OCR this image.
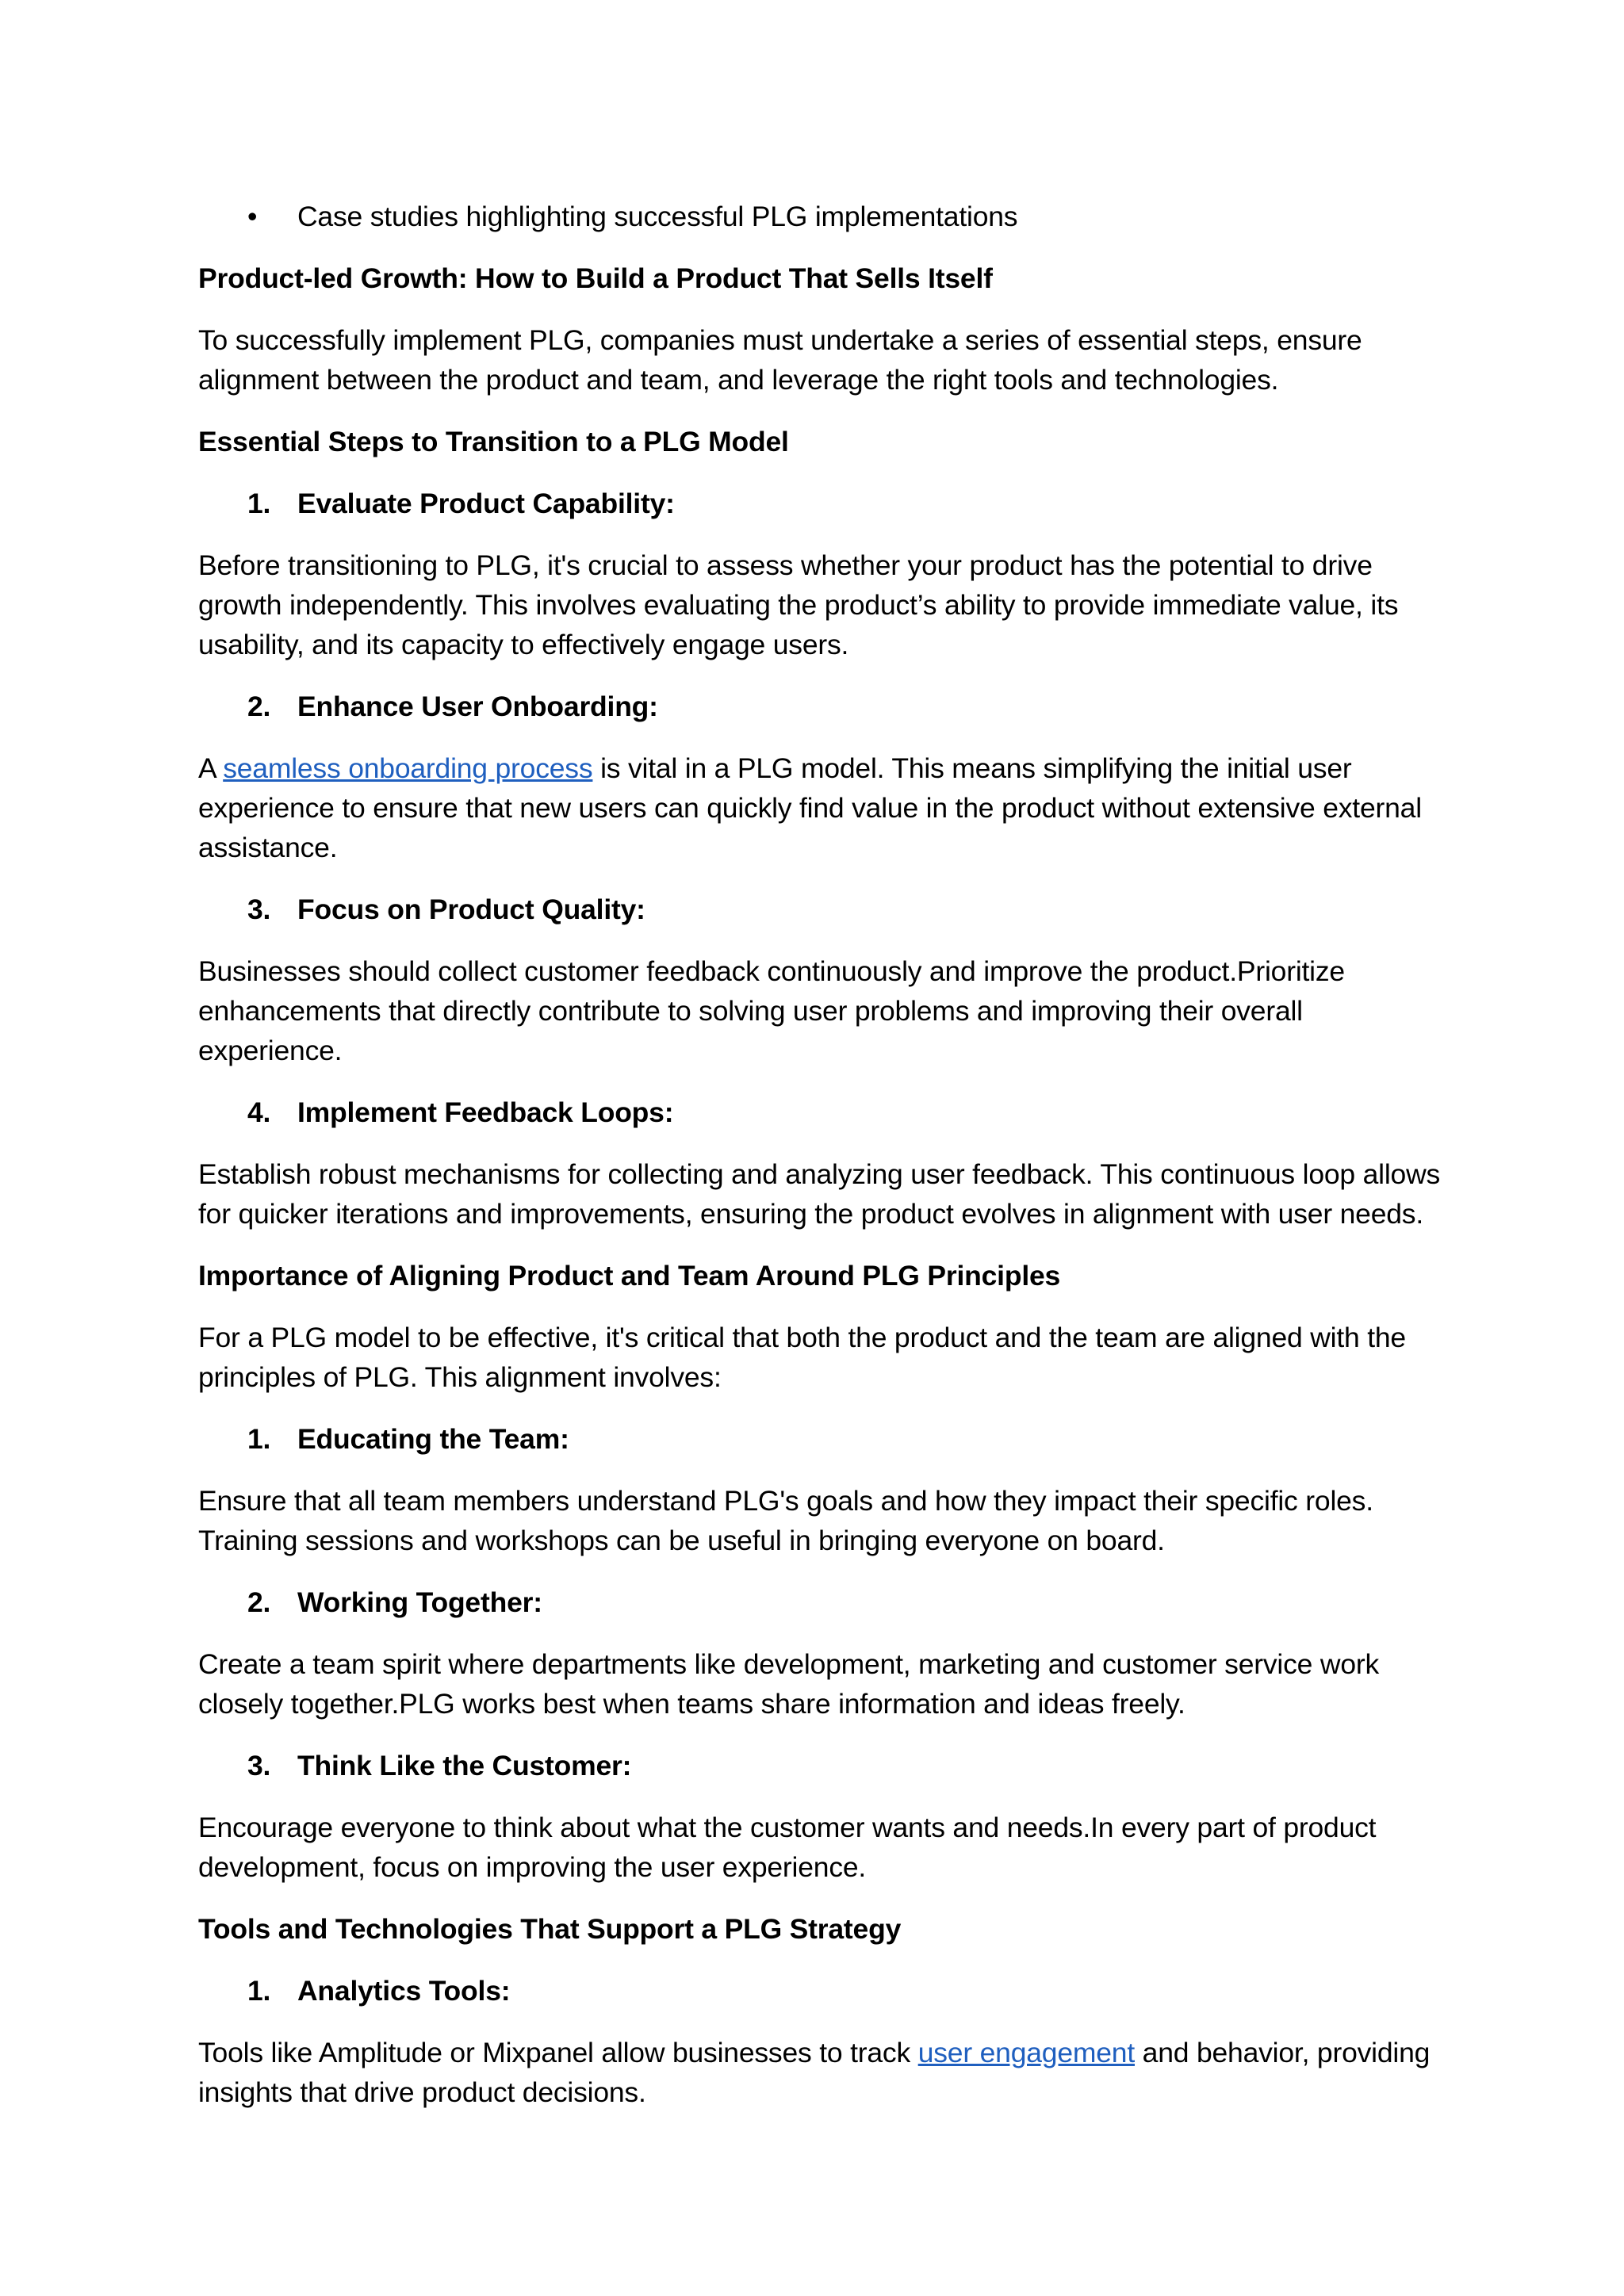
• Case studies highlighting successful PLG implementations

Product-led Growth: How to Build a Product That Sells Itself

To successfully implement PLG, companies must undertake a series of essential steps, ensure alignment between the product and team, and leverage the right tools and technologies.

Essential Steps to Transition to a PLG Model

1. Evaluate Product Capability:

Before transitioning to PLG, it's crucial to assess whether your product has the potential to drive growth independently. This involves evaluating the product’s ability to provide immediate value, its usability, and its capacity to effectively engage users.

2. Enhance User Onboarding:

A seamless onboarding process is vital in a PLG model. This means simplifying the initial user experience to ensure that new users can quickly find value in the product without extensive external assistance.

3. Focus on Product Quality:

Businesses should collect customer feedback continuously and improve the product.Prioritize enhancements that directly contribute to solving user problems and improving their overall experience.

4. Implement Feedback Loops:

Establish robust mechanisms for collecting and analyzing user feedback. This continuous loop allows for quicker iterations and improvements, ensuring the product evolves in alignment with user needs.

Importance of Aligning Product and Team Around PLG Principles

For a PLG model to be effective, it's critical that both the product and the team are aligned with the principles of PLG. This alignment involves:

1. Educating the Team:

Ensure that all team members understand PLG's goals and how they impact their specific roles. Training sessions and workshops can be useful in bringing everyone on board.

2. Working Together:

Create a team spirit where departments like development, marketing and customer service work closely together.PLG works best when teams share information and ideas freely.

3. Think Like the Customer:

Encourage everyone to think about what the customer wants and needs.In every part of product development, focus on improving the user experience.

Tools and Technologies That Support a PLG Strategy

1. Analytics Tools:

Tools like Amplitude or Mixpanel allow businesses to track user engagement and behavior, providing insights that drive product decisions.
